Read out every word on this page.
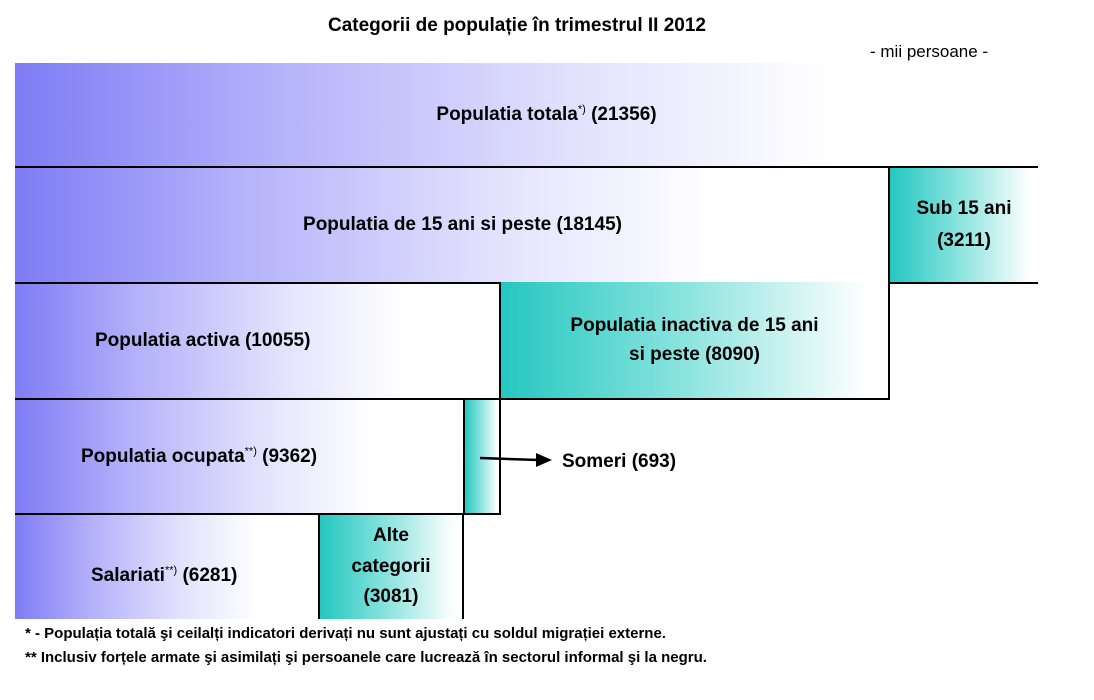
Categorii de populație în trimestrul II 2012
- mii persoane -
Populatia totala*) (21356)
Populatia de 15 ani si peste (18145)
Sub 15 ani
(3211)
Populatia activa (10055)
Populatia inactiva de 15 ani
si peste (8090)
Populatia ocupata**) (9362)	Someri (693)
Salariati**) (6281)
Alte
categorii
(3081)
* - Populația totală şi ceilalți indicatori derivați nu sunt ajustați cu soldul migrației externe.
** Inclusiv forțele armate şi asimilați şi persoanele care lucrează în sectorul informal şi la negru.
